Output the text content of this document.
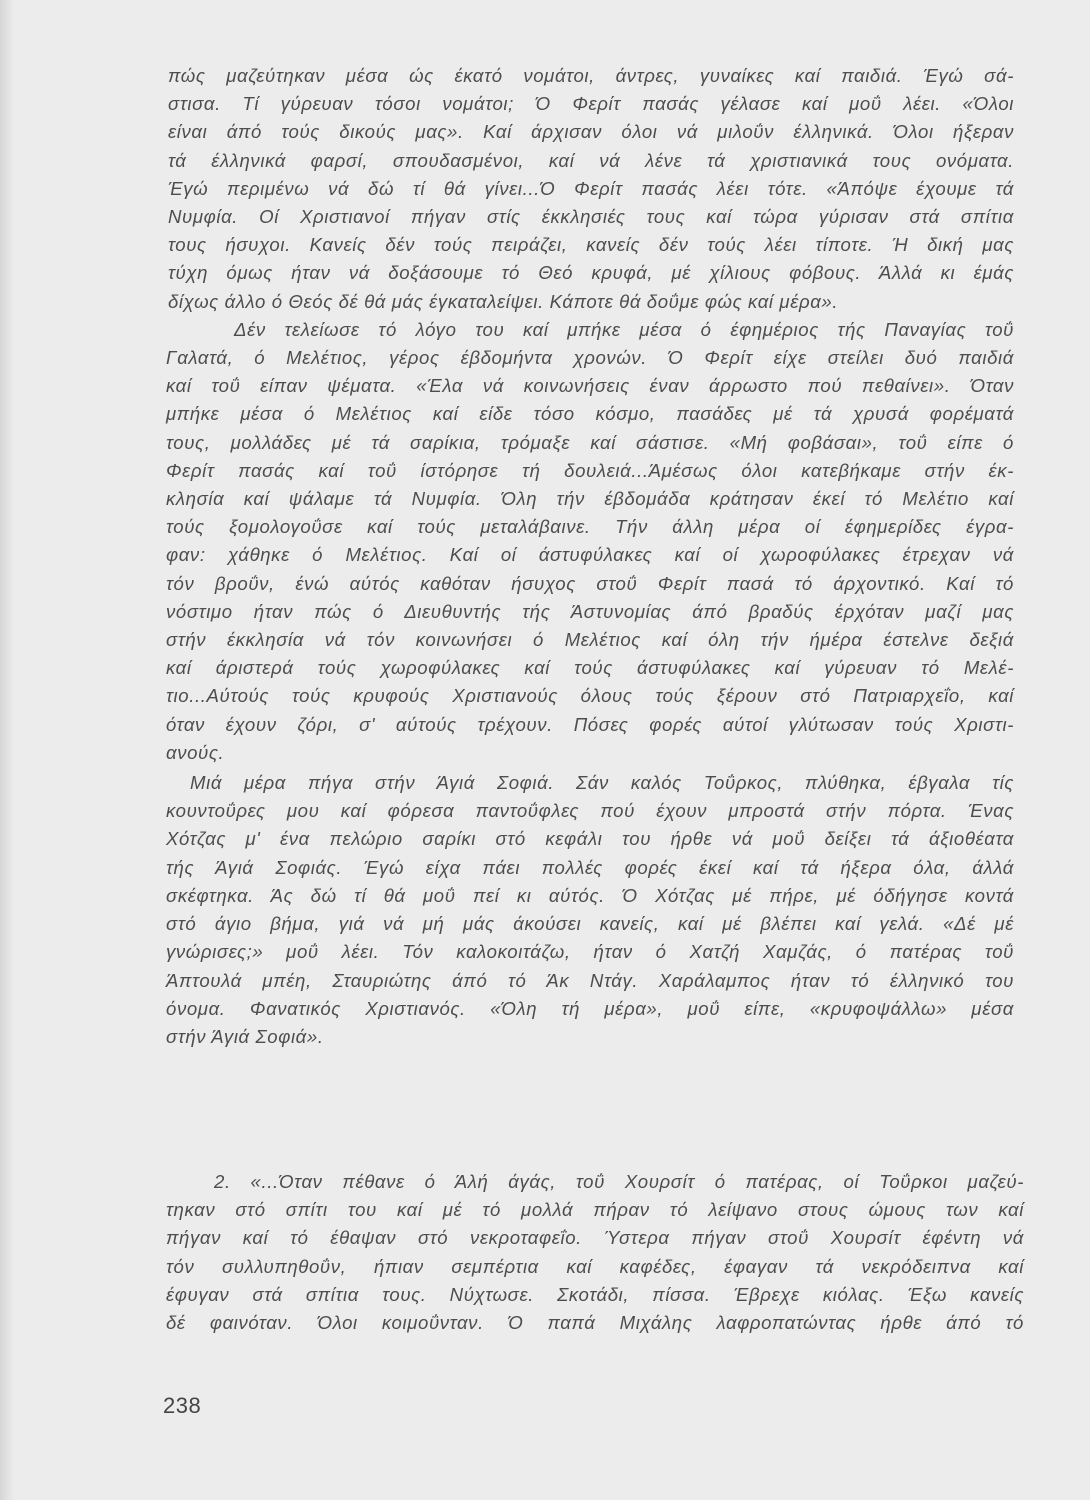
πώς μαζεύτηκαν μέσα ώς έκατό νομάτοι, άντρες, γυναίκες καί παιδιά. Έγώ σά-
στισα. Τί γύρευαν τόσοι νομάτοι; Ό Φερίτ πασάς γέλασε καί μοΰ λέει. «Όλοι
είναι άπό τούς δικούς μας». Καί άρχισαν όλοι νά μιλοΰν έλληνικά. Όλοι ήξεραν
τά έλληνικά φαρσί, σπουδασμένοι, καί νά λένε τά χριστιανικά τους ονόματα.
Έγώ περιμένω νά δώ τί θά γίνει...Ό Φερίτ πασάς λέει τότε. «Άπόψε έχουμε τά
Νυμφία. Οί Χριστιανοί πήγαν στίς έκκλησιές τους καί τώρα γύρισαν στά σπίτια
τους ήσυχοι. Κανείς δέν τούς πειράζει, κανείς δέν τούς λέει τίποτε. Ή δική μας
τύχη όμως ήταν νά δοξάσουμε τό Θεό κρυφά, μέ χίλιους φόβους. Άλλά κι έμάς
δίχως άλλο ό Θεός δέ θά μάς έγκαταλείψει. Κάποτε θά δοΰμε φώς καί μέρα».

Δέν τελείωσε τό λόγο του καί μπήκε μέσα ό έφημέριος τής Παναγίας τοΰ
Γαλατά, ό Μελέτιος, γέρος έβδομήντα χρονών. Ό Φερίτ είχε στείλει δυό παιδιά
καί τοΰ είπαν ψέματα. «Έλα νά κοινωνήσεις έναν άρρωστο πού πεθαίνει». Όταν
μπήκε μέσα ό Μελέτιος καί είδε τόσο κόσμο, πασάδες μέ τά χρυσά φορέματά
τους, μολλάδες μέ τά σαρίκια, τρόμαξε καί σάστισε. «Μή φοβάσαι», τοΰ είπε ό
Φερίτ πασάς καί τοΰ ίστόρησε τή δουλειά...Άμέσως όλοι κατεβήκαμε στήν έκ-
κλησία καί ψάλαμε τά Νυμφία. Όλη τήν έβδομάδα κράτησαν έκεί τό Μελέτιο καί
τούς ξομολογοΰσε καί τούς μεταλάβαινε. Τήν άλλη μέρα οί έφημερίδες έγρα-
φαν: χάθηκε ό Μελέτιος. Καί οί άστυφύλακες καί οί χωροφύλακες έτρεχαν νά
τόν βροΰν, ένώ αύτός καθόταν ήσυχος στοΰ Φερίτ πασά τό άρχοντικό. Καί τό
νόστιμο ήταν πώς ό Διευθυντής τής Άστυνομίας άπό βραδύς έρχόταν μαζί μας
στήν έκκλησία νά τόν κοινωνήσει ό Μελέτιος καί όλη τήν ήμέρα έστελνε δεξιά
καί άριστερά τούς χωροφύλακες καί τούς άστυφύλακες καί γύρευαν τό Μελέ-
τιο...Αύτούς τούς κρυφούς Χριστιανούς όλους τούς ξέρουν στό Πατριαρχεΐο, καί
όταν έχουν ζόρι, σ' αύτούς τρέχουν. Πόσες φορές αύτοί γλύτωσαν τούς Χριστι-
ανούς.

Μιά μέρα πήγα στήν Άγιά Σοφιά. Σάν καλός Τοΰρκος, πλύθηκα, έβγαλα τίς
κουντοΰρες μου καί φόρεσα παντοΰφλες πού έχουν μπροστά στήν πόρτα. Ένας
Χότζας μ' ένα πελώριο σαρίκι στό κεφάλι του ήρθε νά μοΰ δείξει τά άξιοθέατα
τής Άγιά Σοφιάς. Έγώ είχα πάει πολλές φορές έκεί καί τά ήξερα όλα, άλλά
σκέφτηκα. Άς δώ τί θά μοΰ πεί κι αύτός. Ό Χότζας μέ πήρε, μέ όδήγησε κοντά
στό άγιο βήμα, γιά νά μή μάς άκούσει κανείς, καί μέ βλέπει καί γελά. «Δέ μέ
γνώρισες;» μοΰ λέει. Τόν καλοκοιτάζω, ήταν ό Χατζή Χαμζάς, ό πατέρας τοΰ
Άπτουλά μπέη, Σταυριώτης άπό τό Άκ Ντάγ. Χαράλαμπος ήταν τό έλληνικό του
όνομα. Φανατικός Χριστιανός. «Όλη τή μέρα», μοΰ είπε, «κρυφοψάλλω» μέσα
στήν Άγιά Σοφιά».

2. «...Όταν πέθανε ό Άλή άγάς, τοΰ Χουρσίτ ό πατέρας, οί Τοΰρκοι μαζεύ-
τηκαν στό σπίτι του καί μέ τό μολλά πήραν τό λείψανο στους ώμους των καί
πήγαν καί τό έθαψαν στό νεκροταφεΐο. Ύστερα πήγαν στοΰ Χουρσίτ έφέντη νά
τόν συλλυπηθοΰν, ήπιαν σεμπέρτια καί καφέδες, έφαγαν τά νεκρόδειπνα καί
έφυγαν στά σπίτια τους. Νύχτωσε. Σκοτάδι, πίσσα. Έβρεχε κιόλας. Έξω κανείς
δέ φαινόταν. Όλοι κοιμοΰνταν. Ό παπά Μιχάλης λαφροπατώντας ήρθε άπό τό
238
